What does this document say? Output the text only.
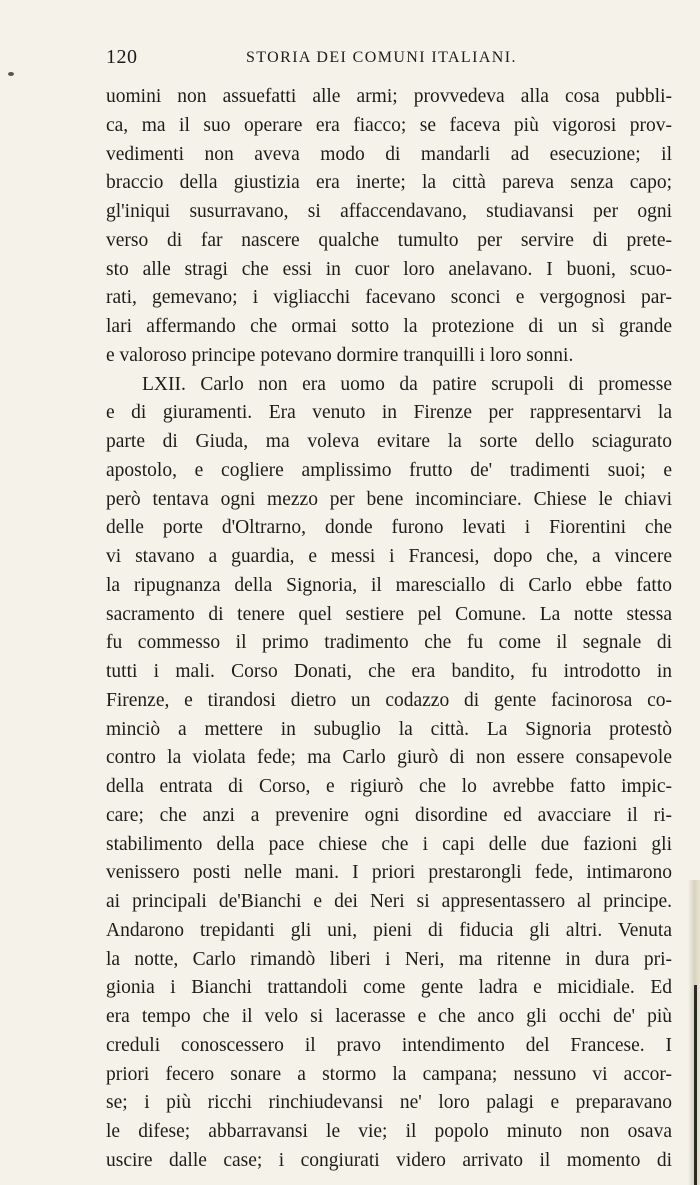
120	STORIA DEI COMUNI ITALIANI.
uomini non assuefatti alle armi; provvedeva alla cosa pubbli-
ca, ma il suo operare era fiacco; se faceva più vigorosi prov-
vedimenti non aveva modo di mandarli ad esecuzione; il
braccio della giustizia era inerte; la città pareva senza capo;
gl'iniqui susurravano, si affaccendavano, studiavansi per ogni
verso di far nascere qualche tumulto per servire di prete-
sto alle stragi che essi in cuor loro anelavano. I buoni, scuo-
rati, gemevano; i vigliacchi facevano sconci e vergognosi par-
lari affermando che ormai sotto la protezione di un sì grande
e valoroso principe potevano dormire tranquilli i loro sonni.
LXII. Carlo non era uomo da patire scrupoli di promesse
e di giuramenti. Era venuto in Firenze per rappresentarvi la
parte di Giuda, ma voleva evitare la sorte dello sciagurato
apostolo, e cogliere amplissimo frutto de' tradimenti suoi; e
però tentava ogni mezzo per bene incominciare. Chiese le chiavi
delle porte d'Oltrarno, donde furono levati i Fiorentini che
vi stavano a guardia, e messi i Francesi, dopo che, a vincere
la ripugnanza della Signoria, il maresciallo di Carlo ebbe fatto
sacramento di tenere quel sestiere pel Comune. La notte stessa
fu commesso il primo tradimento che fu come il segnale di
tutti i mali. Corso Donati, che era bandito, fu introdotto in
Firenze, e tirandosi dietro un codazzo di gente facinorosa co-
minciò a mettere in subuglio la città. La Signoria protestò
contro la violata fede; ma Carlo giurò di non essere consapevole
della entrata di Corso, e rigiurò che lo avrebbe fatto impic-
care; che anzi a prevenire ogni disordine ed avacciare il ri-
stabilimento della pace chiese che i capi delle due fazioni gli
venissero posti nelle mani. I priori prestarongli fede, intimarono
ai principali de'Bianchi e dei Neri si appresentassero al principe.
Andarono trepidanti gli uni, pieni di fiducia gli altri. Venuta
la notte, Carlo rimandò liberi i Neri, ma ritenne in dura pri-
gionia i Bianchi trattandoli come gente ladra e micidiale. Ed
era tempo che il velo si lacerasse e che anco gli occhi de' più
creduli conoscessero il pravo intendimento del Francese. I
priori fecero sonare a stormo la campana; nessuno vi accor-
se; i più ricchi rinchiudevansi ne' loro palagi e preparavano
le difese; abbarravansi le vie; il popolo minuto non osava
uscire dalle case; i congiurati videro arrivato il momento di
